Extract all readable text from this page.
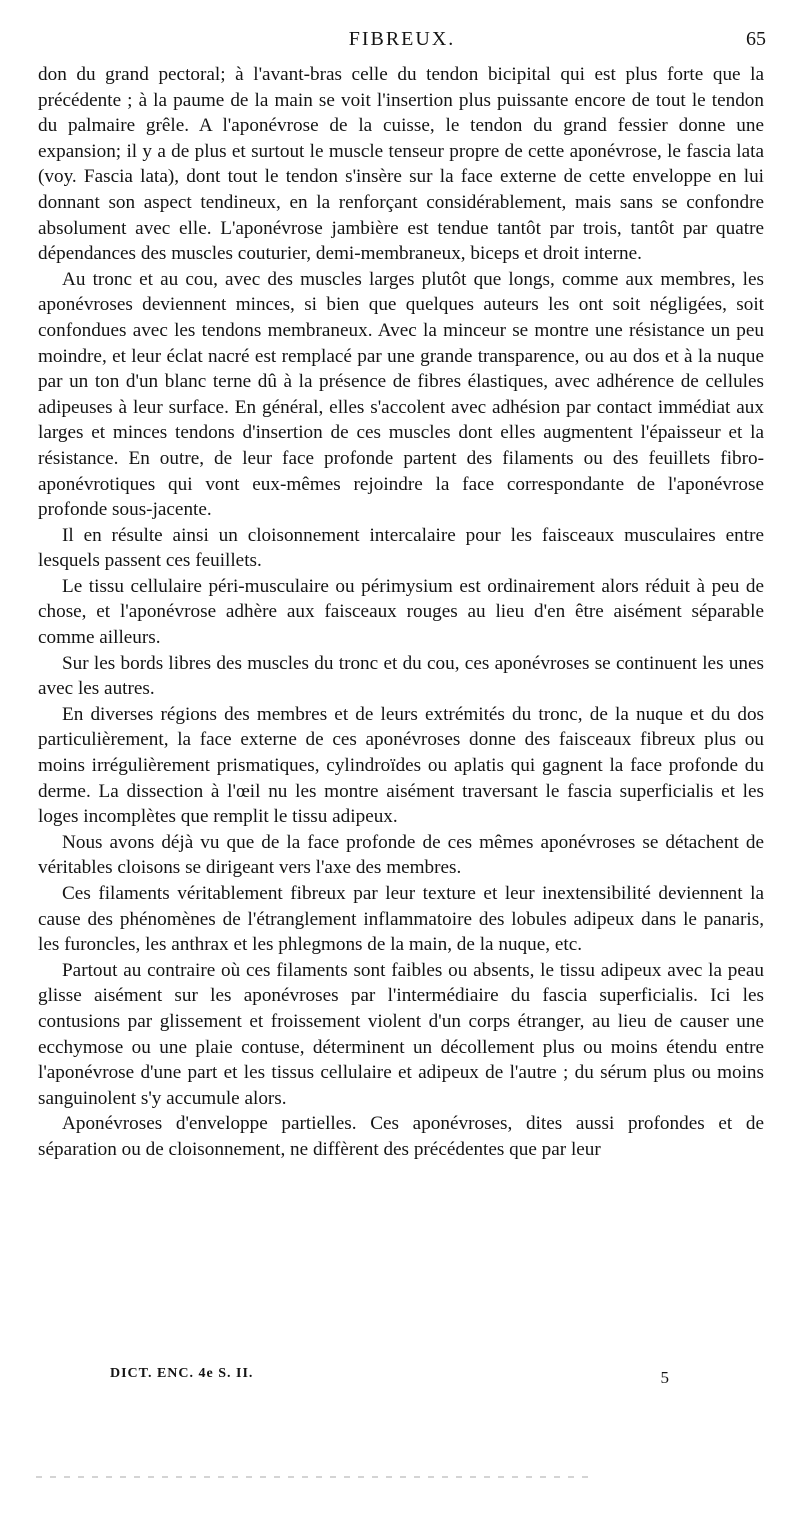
FIBREUX.	65

don du grand pectoral; à l'avant-bras celle du tendon bicipital qui est plus forte que la précédente ; à la paume de la main se voit l'insertion plus puissante encore de tout le tendon du palmaire grêle. A l'aponévrose de la cuisse, le tendon du grand fessier donne une expansion; il y a de plus et surtout le muscle tenseur propre de cette aponévrose, le fascia lata (voy. Fascia lata), dont tout le tendon s'insère sur la face externe de cette enveloppe en lui donnant son aspect tendineux, en la renforçant considérablement, mais sans se confondre absolument avec elle. L'aponévrose jambière est tendue tantôt par trois, tantôt par quatre dépendances des muscles couturier, demi-membraneux, biceps et droit interne.

Au tronc et au cou, avec des muscles larges plutôt que longs, comme aux membres, les aponévroses deviennent minces, si bien que quelques auteurs les ont soit négligées, soit confondues avec les tendons membraneux. Avec la minceur se montre une résistance un peu moindre, et leur éclat nacré est remplacé par une grande transparence, ou au dos et à la nuque par un ton d'un blanc terne dû à la présence de fibres élastiques, avec adhérence de cellules adipeuses à leur surface. En général, elles s'accolent avec adhésion par contact immédiat aux larges et minces tendons d'insertion de ces muscles dont elles augmentent l'épaisseur et la résistance. En outre, de leur face profonde partent des filaments ou des feuillets fibro-aponévrotiques qui vont eux-mêmes rejoindre la face correspondante de l'aponévrose profonde sous-jacente.

Il en résulte ainsi un cloisonnement intercalaire pour les faisceaux musculaires entre lesquels passent ces feuillets.

Le tissu cellulaire péri-musculaire ou périmysium est ordinairement alors réduit à peu de chose, et l'aponévrose adhère aux faisceaux rouges au lieu d'en être aisément séparable comme ailleurs.

Sur les bords libres des muscles du tronc et du cou, ces aponévroses se continuent les unes avec les autres.

En diverses régions des membres et de leurs extrémités du tronc, de la nuque et du dos particulièrement, la face externe de ces aponévroses donne des faisceaux fibreux plus ou moins irrégulièrement prismatiques, cylindroïdes ou aplatis qui gagnent la face profonde du derme. La dissection à l'œil nu les montre aisément traversant le fascia superficialis et les loges incomplètes que remplit le tissu adipeux.

Nous avons déjà vu que de la face profonde de ces mêmes aponévroses se détachent de véritables cloisons se dirigeant vers l'axe des membres.

Ces filaments véritablement fibreux par leur texture et leur inextensibilité deviennent la cause des phénomènes de l'étranglement inflammatoire des lobules adipeux dans le panaris, les furoncles, les anthrax et les phlegmons de la main, de la nuque, etc.

Partout au contraire où ces filaments sont faibles ou absents, le tissu adipeux avec la peau glisse aisément sur les aponévroses par l'intermédiaire du fascia superficialis. Ici les contusions par glissement et froissement violent d'un corps étranger, au lieu de causer une ecchymose ou une plaie contuse, déterminent un décollement plus ou moins étendu entre l'aponévrose d'une part et les tissus cellulaire et adipeux de l'autre ; du sérum plus ou moins sanguinolent s'y accumule alors.

Aponévroses d'enveloppe partielles. Ces aponévroses, dites aussi profondes et de séparation ou de cloisonnement, ne diffèrent des précédentes que par leur

DICT. ENC. 4e S. II.	5
